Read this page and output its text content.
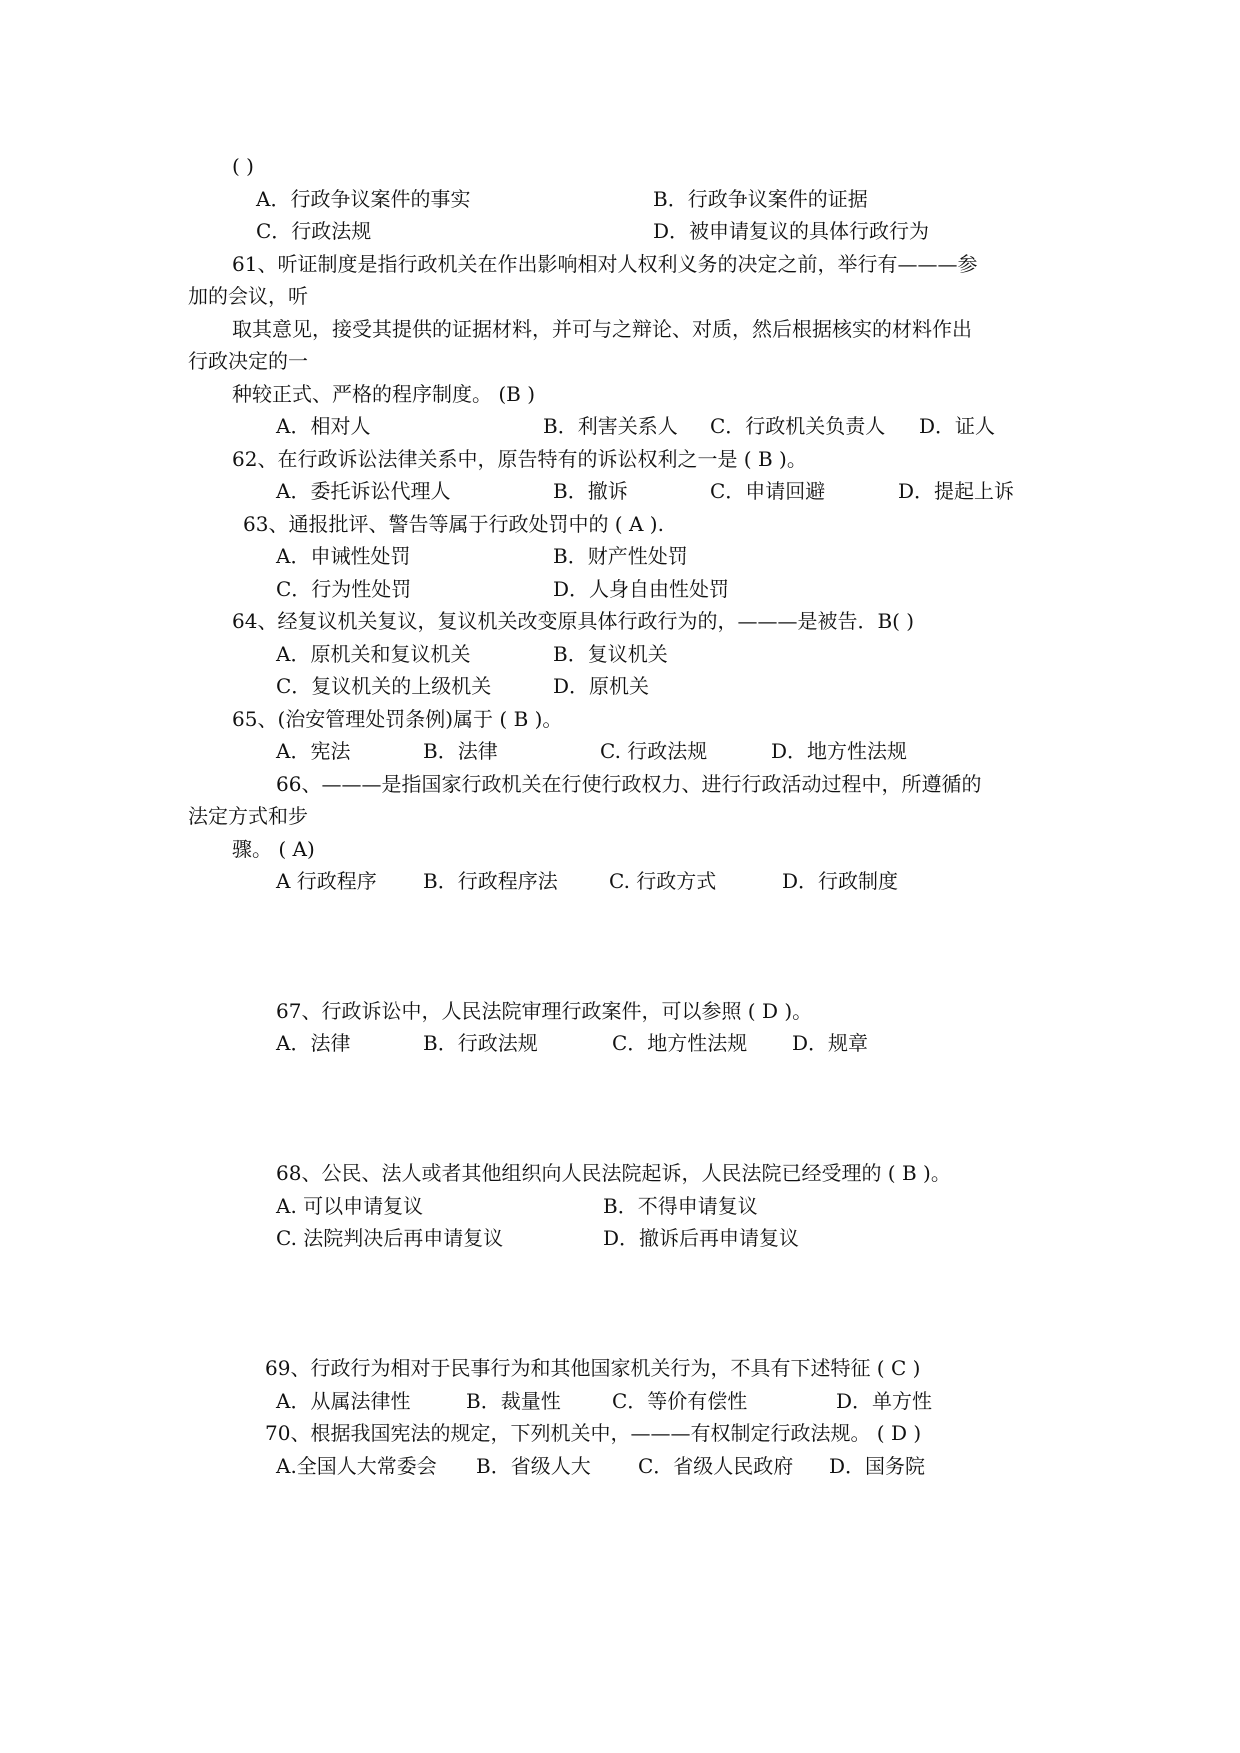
( )
A．行政争议案件的事实	B．行政争议案件的证据
C．行政法规	D．被申请复议的具体行政行为
61、听证制度是指行政机关在作出影响相对人权利义务的决定之前，举行有———参
加的会议，听
取其意见，接受其提供的证据材料，并可与之辩论、对质，然后根据核实的材料作出
行政决定的一
种较正式、严格的程序制度。 (B )
A．相对人	B．利害关系人 C．行政机关负责人 D．证人
62、在行政诉讼法律关系中，原告特有的诉讼权利之一是 ( B )。
A．委托诉讼代理人	B．撤诉	C．申请回避	D．提起上诉
63、通报批评、警告等属于行政处罚中的 ( A ).
A．申诫性处罚	B．财产性处罚
C．行为性处罚	D．人身自由性处罚
64、经复议机关复议，复议机关改变原具体行政行为的，———是被告．B( )
A．原机关和复议机关	B．复议机关
C．复议机关的上级机关	D．原机关
65、(治安管理处罚条例)属于 ( B )。
A．宪法	B．法律	C. 行政法规	D．地方性法规
66、———是指国家行政机关在行使行政权力、进行行政活动过程中，所遵循的
法定方式和步
骤。 ( A)
A 行政程序 B．行政程序法	C. 行政方式	D．行政制度
67、行政诉讼中，人民法院审理行政案件，可以参照 ( D )。
A．法律	B．行政法规	C．地方性法规 D．规章
68、公民、法人或者其他组织向人民法院起诉，人民法院已经受理的 ( B )。
A. 可以申请复议	B．不得申请复议
C. 法院判决后再申请复议	D．撤诉后再申请复议
69、行政行为相对于民事行为和其他国家机关行为，不具有下述特征 ( C )
A．从属法律性	B．裁量性	C．等价有偿性	D．单方性
70、根据我国宪法的规定，下列机关中，———有权制定行政法规。 ( D )
A.全国人大常委会 B．省级人大 C．省级人民政府 D．国务院
